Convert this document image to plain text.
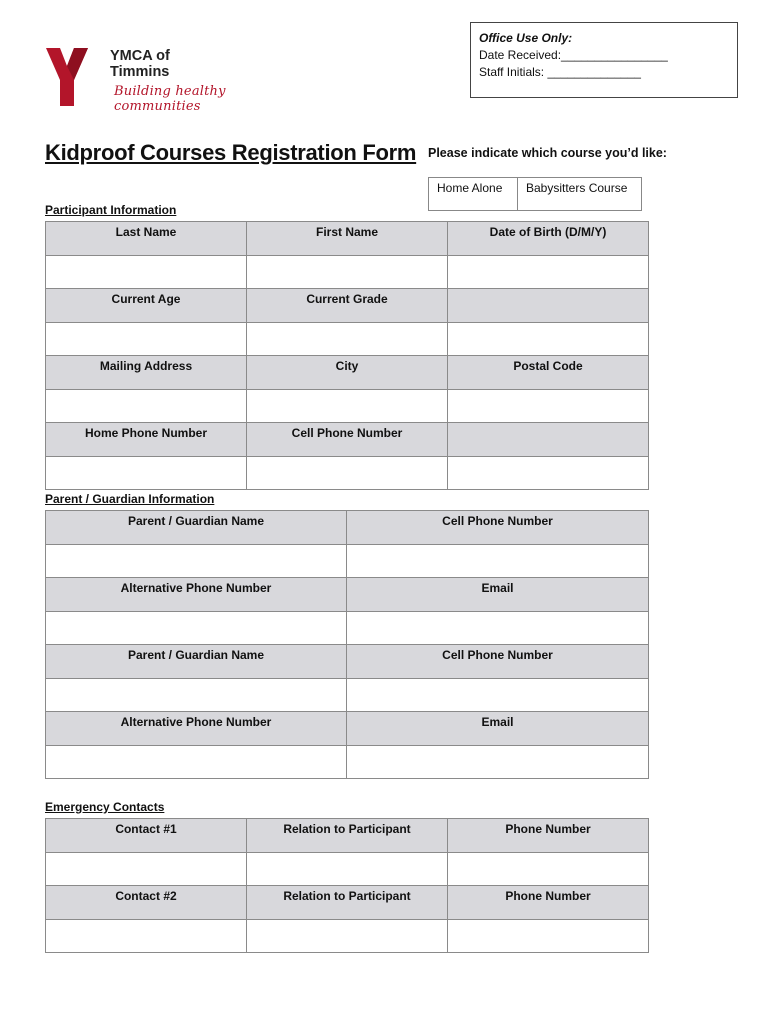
Office Use Only:
Date Received:________________
Staff Initials: ______________
YMCA of
Timmins
Building healthy communities
Kidproof Courses Registration Form Please indicate which course you’d like:
Home Alone	Babysitters Course
Participant Information
Last Name	First Name	Date of Birth (D/M/Y)

Current Age	Current Grade	

Mailing Address	City	Postal Code

Home Phone Number	Cell Phone Number	

Parent / Guardian Information
Parent / Guardian Name	Cell Phone Number

Alternative Phone Number	Email

Parent / Guardian Name	Cell Phone Number

Alternative Phone Number	Email

Emergency Contacts
Contact #1	Relation to Participant	Phone Number

Contact #2	Relation to Participant	Phone Number
